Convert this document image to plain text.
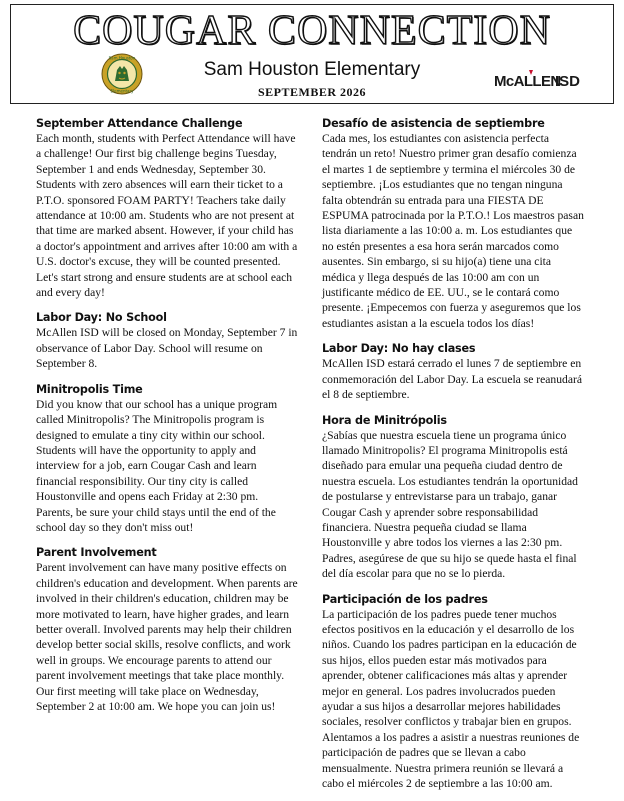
COUGAR CONNECTION
Sam Houston
Elementary
Sam Houston Elementary
SEPTEMBER 2026
McALLEN
ISD

September Attendance Challenge

Each month, students with Perfect Attendance will have a challenge! Our first big challenge begins Tuesday, September 1 and ends Wednesday, September 30. Students with zero absences will earn their ticket to a P.T.O. sponsored FOAM PARTY! Teachers take daily attendance at 10:00 am. Students who are not present at that time are marked absent. However, if your child has a doctor's appointment and arrives after 10:00 am with a U.S. doctor's excuse, they will be counted presented. Let's start strong and ensure students are at school each and every day!

Labor Day: No School

McAllen ISD will be closed on Monday, September 7 in observance of Labor Day. School will resume on September 8.

Minitropolis Time

Did you know that our school has a unique program called Minitropolis? The Minitropolis program is designed to emulate a tiny city within our school. Students will have the opportunity to apply and interview for a job, earn Cougar Cash and learn financial responsibility. Our tiny city is called Houstonville and opens each Friday at 2:30 pm. Parents, be sure your child stays until the end of the school day so they don't miss out!

Parent Involvement

Parent involvement can have many positive effects on children's education and development. When parents are involved in their children's education, children may be more motivated to learn, have higher grades, and learn better overall. Involved parents may help their children develop better social skills, resolve conflicts, and work well in groups. We encourage parents to attend our parent involvement meetings that take place monthly. Our first meeting will take place on Wednesday, September 2 at 10:00 am. We hope you can join us!

Desafío de asistencia de septiembre

Cada mes, los estudiantes con asistencia perfecta tendrán un reto! Nuestro primer gran desafío comienza el martes 1 de septiembre y termina el miércoles 30 de septiembre. ¡Los estudiantes que no tengan ninguna falta obtendrán su entrada para una FIESTA DE ESPUMA patrocinada por la P.T.O.! Los maestros pasan lista diariamente a las 10:00 a. m. Los estudiantes que no estén presentes a esa hora serán marcados como ausentes. Sin embargo, si su hijo(a) tiene una cita médica y llega después de las 10:00 am con un justificante médico de EE. UU., se le contará como presente. ¡Empecemos con fuerza y aseguremos que los estudiantes asistan a la escuela todos los días!

Labor Day: No hay clases

McAllen ISD estará cerrado el lunes 7 de septiembre en conmemoración del Labor Day. La escuela se reanudará el 8 de septiembre.

Hora de Minitrópolis

¿Sabías que nuestra escuela tiene un programa único llamado Minitropolis? El programa Minitropolis está diseñado para emular una pequeña ciudad dentro de nuestra escuela. Los estudiantes tendrán la oportunidad de postularse y entrevistarse para un trabajo, ganar Cougar Cash y aprender sobre responsabilidad financiera. Nuestra pequeña ciudad se llama Houstonville y abre todos los viernes a las 2:30 pm. Padres, asegúrese de que su hijo se quede hasta el final del día escolar para que no se lo pierda.

Participación de los padres

La participación de los padres puede tener muchos efectos positivos en la educación y el desarrollo de los niños. Cuando los padres participan en la educación de sus hijos, ellos pueden estar más motivados para aprender, obtener calificaciones más altas y aprender mejor en general. Los padres involucrados pueden ayudar a sus hijos a desarrollar mejores habilidades sociales, resolver conflictos y trabajar bien en grupos. Alentamos a los padres a asistir a nuestras reuniones de participación de padres que se llevan a cabo mensualmente. Nuestra primera reunión se llevará a cabo el miércoles 2 de septiembre a las 10:00 am.
